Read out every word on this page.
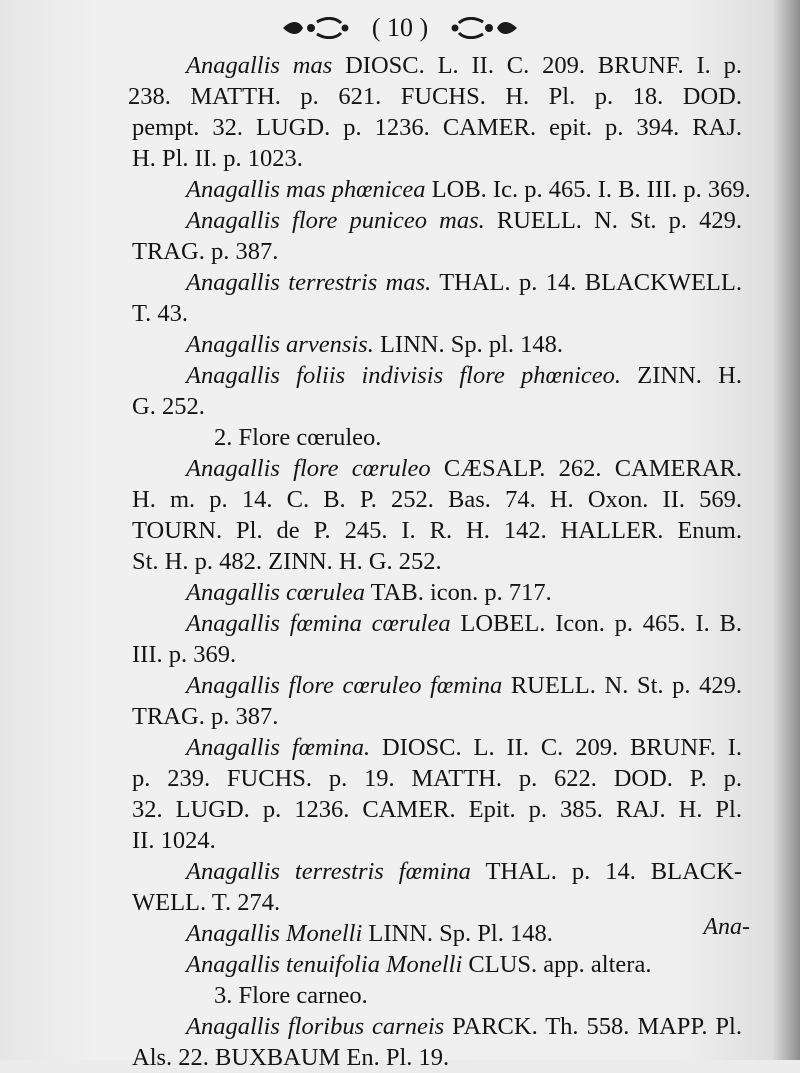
( 10 )
Anagallis mas DIOSC. L. II. C. 209. BRUNF. I. p.
238. MATTH. p. 621. FUCHS. H. Pl. p. 18. DOD.
pempt. 32. LUGD. p. 1236. CAMER. epit. p. 394. RAJ.
H. Pl. II. p. 1023.
Anagallis mas phœnicea LOB. Ic. p. 465. I. B. III. p. 369.
Anagallis flore puniceo mas. RUELL. N. St. p. 429.
TRAG. p. 387.
Anagallis terrestris mas. THAL. p. 14. BLACKWELL.
T. 43.
Anagallis arvensis. LINN. Sp. pl. 148.
Anagallis foliis indivisis flore phœniceo. ZINN. H.
G. 252.
2. Flore cœruleo.
Anagallis flore cœruleo CÆSALP. 262. CAMERAR.
H. m. p. 14. C. B. P. 252. Bas. 74. H. Oxon. II. 569.
TOURN. Pl. de P. 245. I. R. H. 142. HALLER. Enum.
St. H. p. 482. ZINN. H. G. 252.
Anagallis cœrulea TAB. icon. p. 717.
Anagallis fœmina cœrulea LOBEL. Icon. p. 465. I. B.
III. p. 369.
Anagallis flore cœruleo fœmina RUELL. N. St. p. 429.
TRAG. p. 387.
Anagallis fœmina. DIOSC. L. II. C. 209. BRUNF. I.
p. 239. FUCHS. p. 19. MATTH. p. 622. DOD. P. p.
32. LUGD. p. 1236. CAMER. Epit. p. 385. RAJ. H. Pl.
II. 1024.
Anagallis terrestris fœmina THAL. p. 14. BLACK-
WELL. T. 274.
Anagallis Monelli LINN. Sp. Pl. 148.
Anagallis tenuifolia Monelli CLUS. app. altera.
3. Flore carneo.
Anagallis floribus carneis PARCK. Th. 558. MAPP. Pl.
Als. 22. BUXBAUM En. Pl. 19.
Ana-
